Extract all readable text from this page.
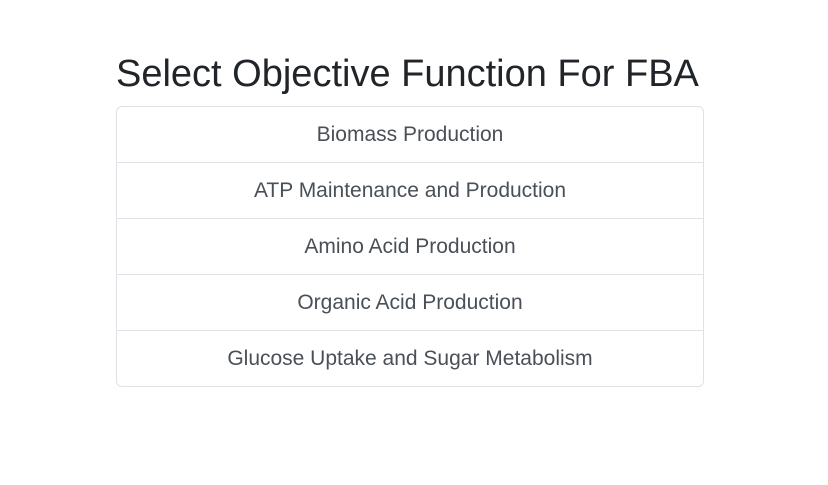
Select Objective Function For FBA
Biomass Production
ATP Maintenance and Production
Amino Acid Production
Organic Acid Production
Glucose Uptake and Sugar Metabolism
